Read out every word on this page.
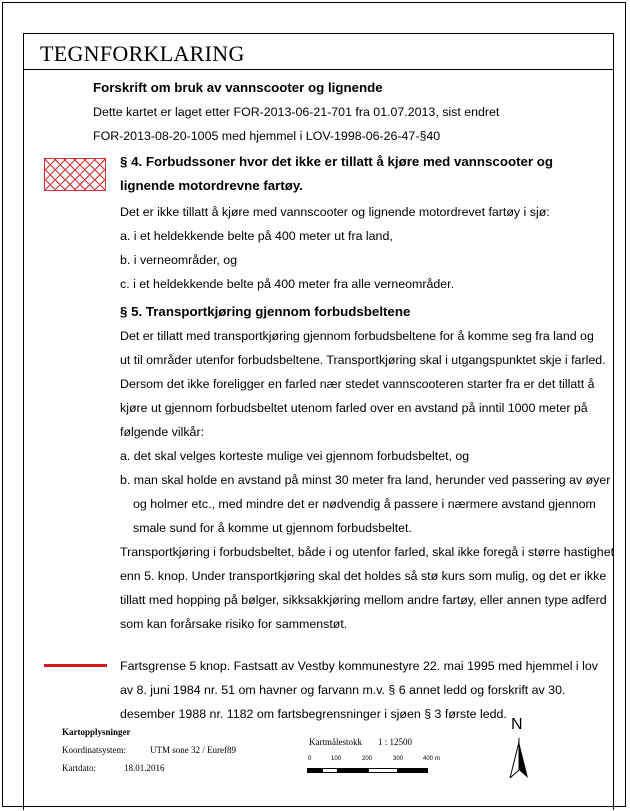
TEGNFORKLARING
Forskrift om bruk av vannscooter og lignende
Dette kartet er laget etter FOR-2013-06-21-701 fra 01.07.2013, sist endret
FOR-2013-08-20-1005 med hjemmel i LOV-1998-06-26-47-§40
§ 4. Forbudssoner hvor det ikke er tillatt å kjøre med vannscooter og
lignende motordrevne fartøy.
Det er ikke tillatt å kjøre med vannscooter og lignende motordrevet fartøy i sjø:
a. i et heldekkende belte på 400 meter ut fra land,
b. i verneområder, og
c. i et heldekkende belte på 400 meter fra alle verneområder.
§ 5. Transportkjøring gjennom forbudsbeltene
Det er tillatt med transportkjøring gjennom forbudsbeltene for å komme seg fra land og
ut til områder utenfor forbudsbeltene. Transportkjøring skal i utgangspunktet skje i farled.
Dersom det ikke foreligger en farled nær stedet vannscooteren starter fra er det tillatt å
kjøre ut gjennom forbudsbeltet utenom farled over en avstand på inntil 1000 meter på
følgende vilkår:
a. det skal velges korteste mulige vei gjennom forbudsbeltet, og
b. man skal holde en avstand på minst 30 meter fra land, herunder ved passering av øyer
og holmer etc., med mindre det er nødvendig å passere i nærmere avstand gjennom
smale sund for å komme ut gjennom forbudsbeltet.
Transportkjøring i forbudsbeltet, både i og utenfor farled, skal ikke foregå i større hastighet
enn 5. knop. Under transportkjøring skal det holdes så stø kurs som mulig, og det er ikke
tillatt med hopping på bølger, sikksakkjøring mellom andre fartøy, eller annen type adferd
som kan forårsake risiko for sammenstøt.
Fartsgrense 5 knop. Fastsatt av Vestby kommunestyre 22. mai 1995 med hjemmel i lov
av 8. juni 1984 nr. 51 om havner og farvann m.v. § 6 annet ledd og forskrift av 30.
desember 1988 nr. 1182 om fartsbegrensninger i sjøen § 3 første ledd.
Kartopplysninger
Koordinatsystem:	UTM sone 32 / Euref89
Kartdato:	18.01.2016
Kartmålestokk 1 : 12500
0	100	200	300	400 m
N
